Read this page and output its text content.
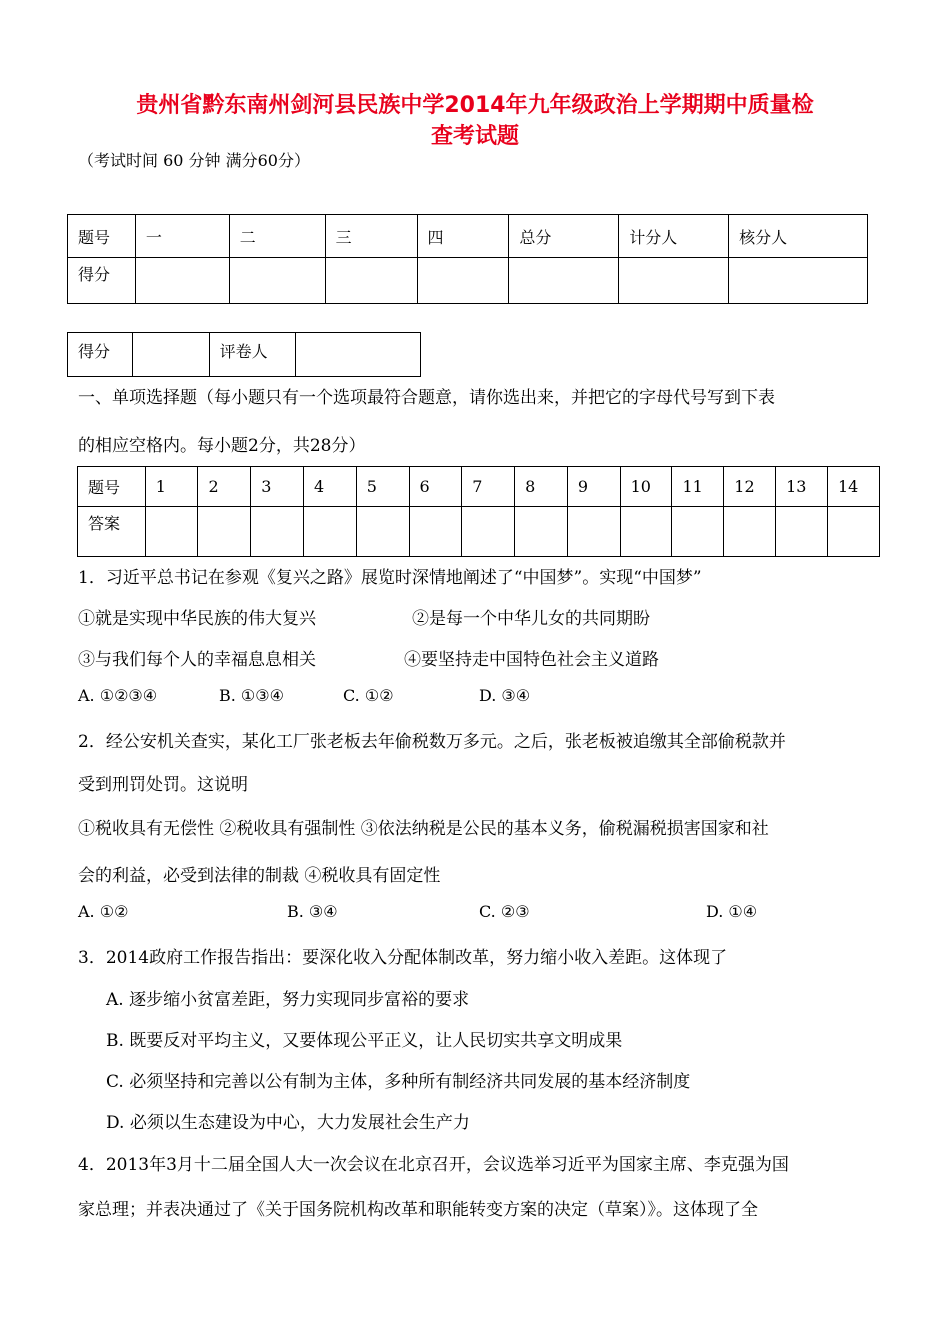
贵州省黔东南州剑河县民族中学2014年九年级政治上学期期中质量检
查考试题
（考试时间 60 分钟 满分60分）
题号	一	二	三	四	总分	计分人	核分人
得分							
得分		评卷人	
一、单项选择题（每小题只有一个选项最符合题意，请你选出来，并把它的字母代号写到下表
的相应空格内。每小题2分，共28分）
题号	1	2	3	4	5	6	7	8	9	10	11	12	13	14
答案														
1．习近平总书记在参观《复兴之路》展览时深情地阐述了“中国梦”。实现“中国梦”
①就是实现中华民族的伟大复兴	②是每一个中华儿女的共同期盼
③与我们每个人的幸福息息相关	④要坚持走中国特色社会主义道路
A. ①②③④	B. ①③④	C. ①②	D. ③④
2．经公安机关查实，某化工厂张老板去年偷税数万多元。之后，张老板被追缴其全部偷税款并
受到刑罚处罚。这说明
①税收具有无偿性 ②税收具有强制性 ③依法纳税是公民的基本义务，偷税漏税损害国家和社
会的利益，必受到法律的制裁 ④税收具有固定性
A. ①②	B. ③④	C. ②③	D. ①④
3．2014政府工作报告指出：要深化收入分配体制改革，努力缩小收入差距。这体现了
A. 逐步缩小贫富差距，努力实现同步富裕的要求
B. 既要反对平均主义，又要体现公平正义，让人民切实共享文明成果
C. 必须坚持和完善以公有制为主体，多种所有制经济共同发展的基本经济制度
D. 必须以生态建设为中心，大力发展社会生产力
4．2013年3月十二届全国人大一次会议在北京召开，会议选举习近平为国家主席、李克强为国
家总理；并表决通过了《关于国务院机构改革和职能转变方案的决定（草案）》。这体现了全
